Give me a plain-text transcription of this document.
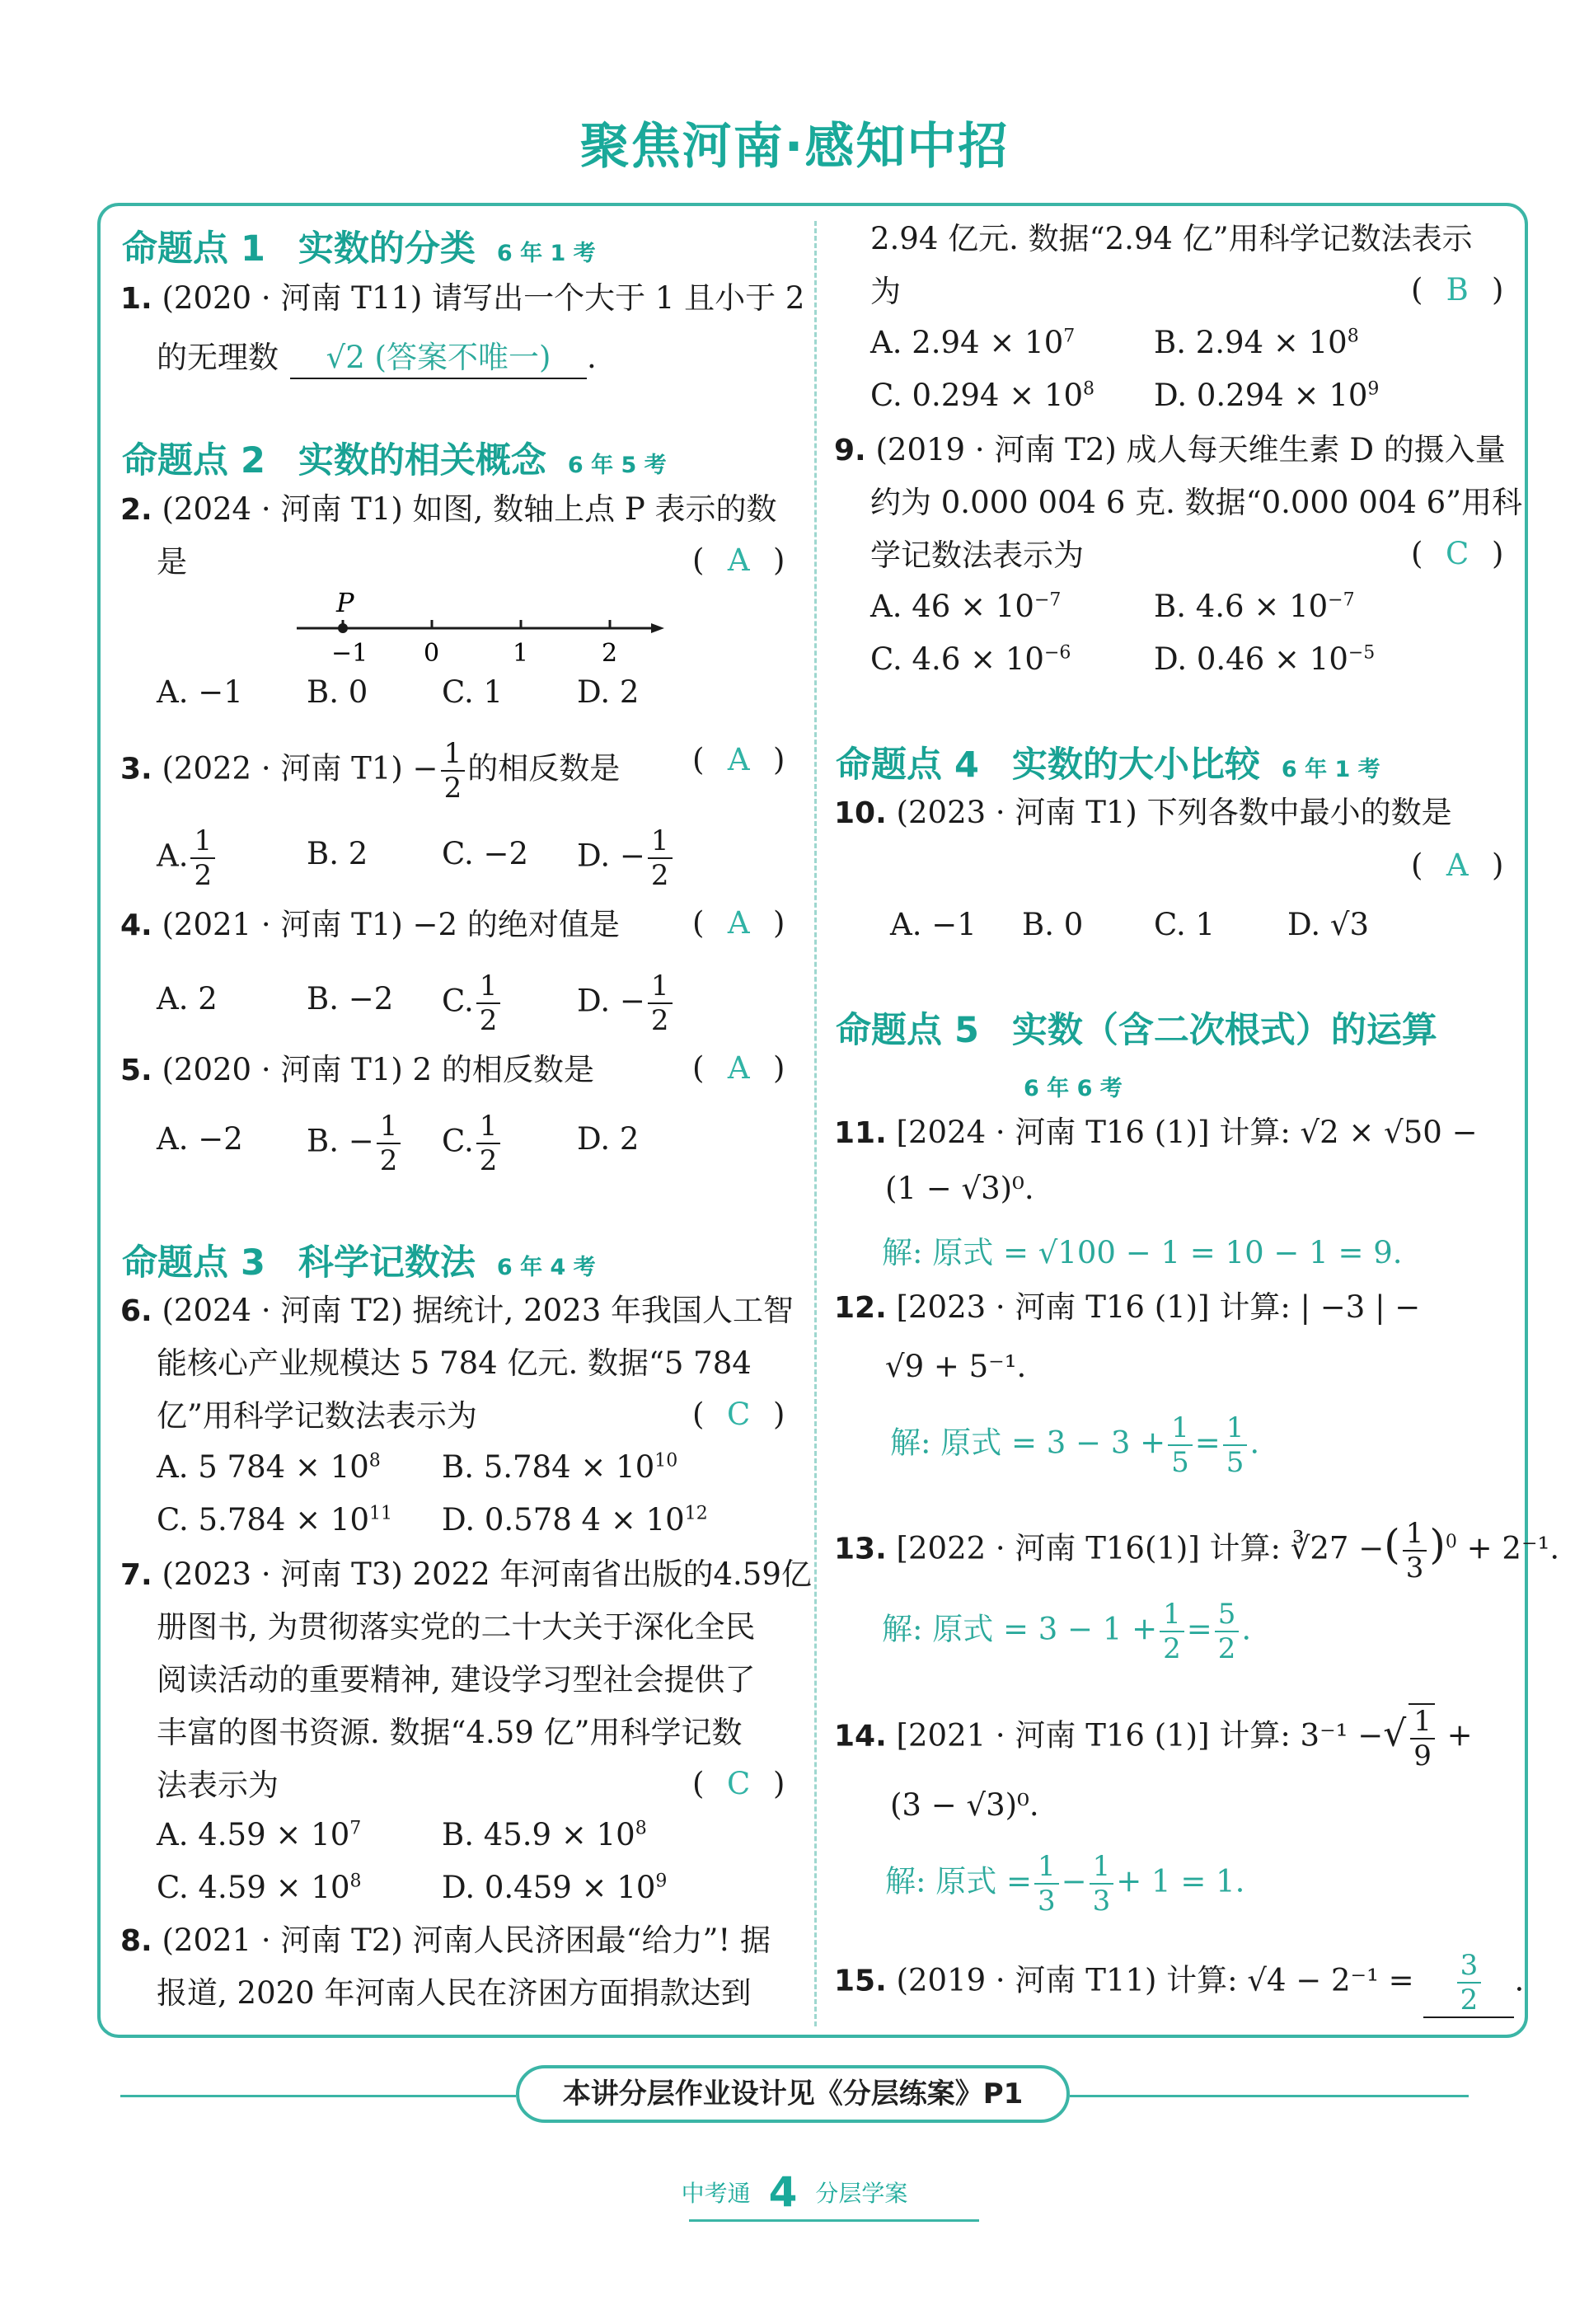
聚焦河南·感知中招
命题点 1 实数的分类 6 年 1 考
1. (2020 · 河南 T11) 请写出一个大于 1 且小于 2
的无理数 √2 (答案不唯一) .
命题点 2 实数的相关概念 6 年 5 考
2. (2024 · 河南 T1) 如图, 数轴上点 P 表示的数
是	( A )
P
−1 0	1	2
A. −1 B. 0 C. 1 D. 2
3. (2022 · 河南 $T1) - \frac{1}{2}$ 的相反数是 ( A )
A. $\frac{1}{2}$	B. 2 C. −2 D. − $\frac{1}{2}$
4. (2021 · 河南 T1) −2 的绝对值是 ( A )
A. 2	B. −2 C. $\frac{1}{2}$	D. − $\frac{1}{2}$
5. (2020 · 河南 T1) 2 的相反数是	( A )
A. −2 B. − $\frac{1}{2} C$. $\frac{1}{2}$	D. 2
命题点 3 科学记数法 6 年 4 考
6. (2024 · 河南 T2) 据统计, 2023 年我国人工智
能核心产业规模达 5 784 亿元. 数据“5 784
亿”用科学记数法表示为	( C )
A. 5 $784 \times 10^8$ B. $5.784 \times 10^{10}$
C. $5.784 \times 10^{11}$ D. 0.578 $4 \times 10^{12}$
7. (2023 · 河南 T3) 2022 年河南省出版的4.59亿
册图书, 为贯彻落实党的二十大关于深化全民
阅读活动的重要精神, 建设学习型社会提供了
丰富的图书资源. 数据“4.59 亿”用科学记数
法表示为	( C )
A. $4.59 \times 10^7$	B. $45.9 \times 10^8$
C. $4.59 \times 10^8$	D. $0.459 \times 10^9$
8. (2021 · 河南 T2) 河南人民济困最“给力”! 据
报道, 2020 年河南人民在济困方面捐款达到
2.94 亿元. 数据“2.94 亿”用科学记数法表示
为	( B )
A. $2.94 \times 10^7$	B. $2.94 \times 10^8$
C. $0.294 \times 10^8$ D. $0.294 \times 10^9$
9. (2019 · 河南 T2) 成人每天维生素 D 的摄入量
约为 0.000 004 6 克. 数据“0.000 004 6”用科
学记数法表示为	( C )
A. $46 \times 10^{-7}$	B. $4.6 \times 10^{-7}$
C. $4.6 \times 10^{-6}$	D. $0.46 \times 10^{-5}$
命题点 4 实数的大小比较 6 年 1 考
10. (2023 · 河南 T1) 下列各数中最小的数是
( A )
A. −1 B. 0 C. 1 D. √3
命题点 5 实数（含二次根式）的运算
6 年 6 考
11. [2024 · 河南 T16 (1)] 计算: √2 × √50 −
(1 − √3)⁰.
解: 原式 = √100 − 1 = 10 − 1 = 9.
12. [2023 · 河南 T16 (1)] 计算: | −3 | −
√9 + 5⁻¹.
解: 原式 = $3 - 3 + \frac{1}{5} = \frac{1}{5}$ .
13. [2022 · 河南 T16(1)] 计算: ∛27 −( $\frac{1}{3} )^0 + 2^{-1}$.
解: 原式 = $3 - 1 + \frac{1}{2} = \frac{5}{2}$ .
14. [2021 · 河南 T16 (1)] 计算: 3⁻¹ −√ $\frac{1}{9}$ +
(3 − √3)⁰.
解: 原式 = $\frac{1}{3} - \frac{1}{3} + 1 = 1$.
15. (2019 · 河南 T11) 计算: $√4 - 2^{-1} = \frac{3}{2}$ .
本讲分层作业设计见《分层练案》P1
中考通 4 分层学案
